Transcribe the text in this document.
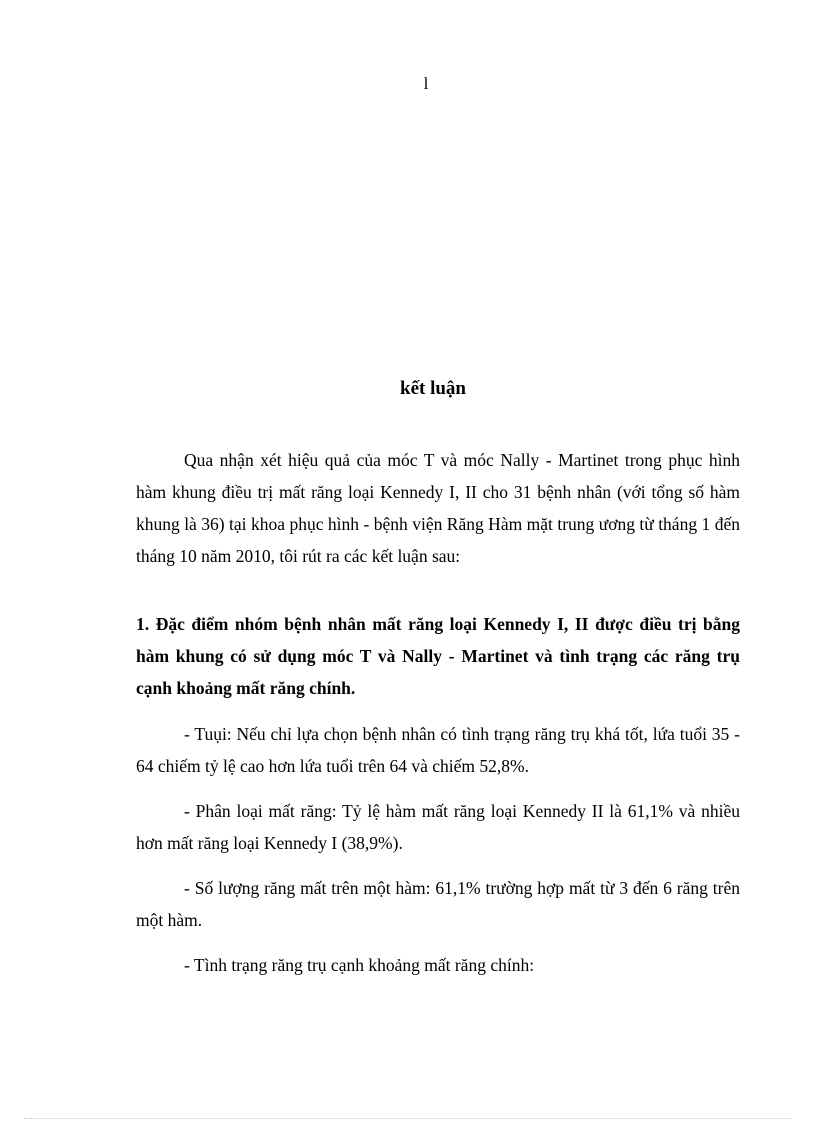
l
kết luận

Qua nhận xét hiệu quả của móc T và móc Nally - Martinet trong phục hình hàm khung điều trị mất răng loại Kennedy I, II cho 31 bệnh nhân (với tổng số hàm khung là 36) tại khoa phục hình - bệnh viện Răng Hàm mặt trung ương từ tháng 1 đến tháng 10 năm 2010, tôi rút ra các kết luận sau:

1. Đặc điểm nhóm bệnh nhân mất răng loại Kennedy I, II được điều trị bằng hàm khung có sử dụng móc T và Nally - Martinet và tình trạng các răng trụ cạnh khoảng mất răng chính.

- Tuụi: Nếu chỉ lựa chọn bệnh nhân có tình trạng răng trụ khá tốt, lứa tuổi 35 - 64 chiếm tỷ lệ cao hơn lứa tuổi trên 64 và chiếm 52,8%.

- Phân loại mất răng: Tỷ lệ hàm mất răng loại Kennedy II là 61,1% và nhiều hơn mất răng loại Kennedy I (38,9%).

- Số lượng răng mất trên một hàm: 61,1% trường hợp mất từ 3 đến 6 răng trên một hàm.

- Tình trạng răng trụ cạnh khoảng mất răng chính:
